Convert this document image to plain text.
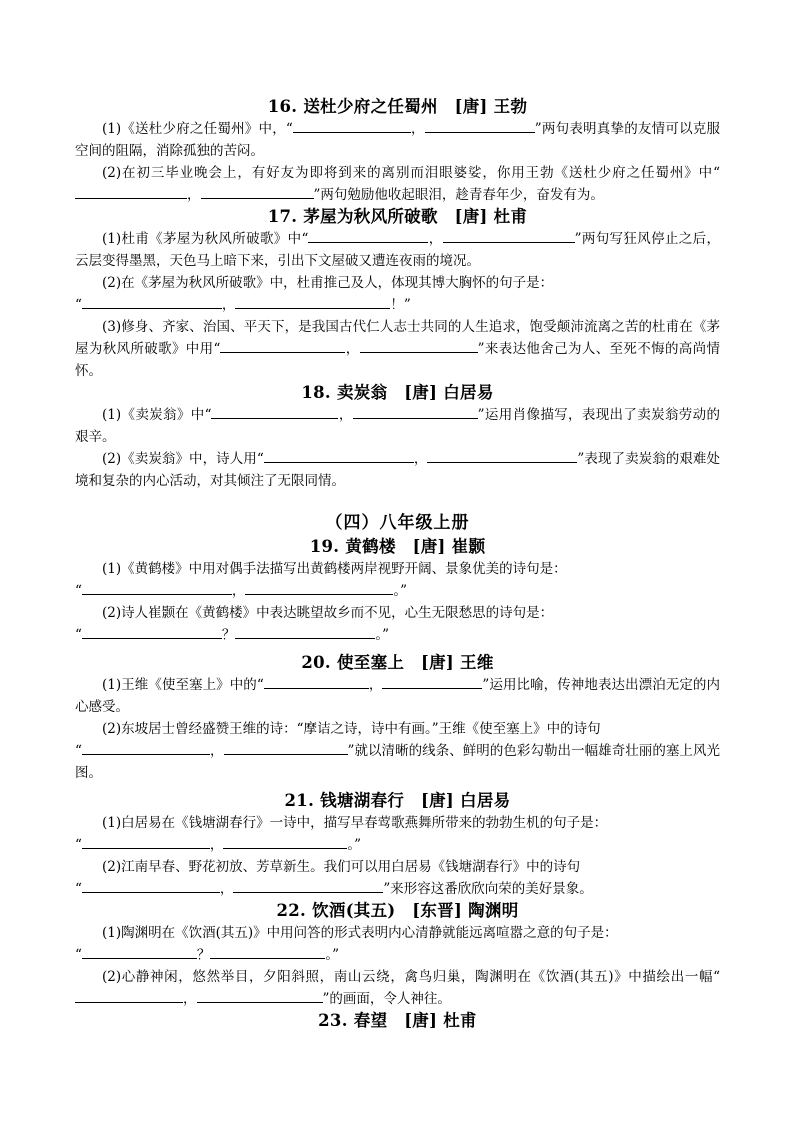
16. 送杜少府之任蜀州　[唐] 王勃

(1)《送杜少府之任蜀州》中，“	，	”两句表明真挚的友情可以克服空间的阻隔，消除孤独的苦闷。

(2)在初三毕业晚会上，有好友为即将到来的离别而泪眼婆娑，你用王勃《送杜少府之任蜀州》中“，	”两句勉励他收起眼泪，趁青春年少，奋发有为。

17. 茅屋为秋风所破歌　[唐] 杜甫

(1)杜甫《茅屋为秋风所破歌》中“	，	”两句写狂风停止之后，云层变得墨黑，天色马上暗下来，引出下文屋破又遭连夜雨的境况。

(2)在《茅屋为秋风所破歌》中，杜甫推己及人，体现其博大胸怀的句子是：

“	，	！”

(3)修身、齐家、治国、平天下，是我国古代仁人志士共同的人生追求，饱受颠沛流离之苦的杜甫在《茅屋为秋风所破歌》中用“	，	”来表达他舍己为人、至死不悔的高尚情怀。

18. 卖炭翁　[唐] 白居易

(1)《卖炭翁》中“	，	”运用肖像描写，表现出了卖炭翁劳动的艰辛。

(2)《卖炭翁》中，诗人用“	，	”表现了卖炭翁的艰难处境和复杂的内心活动，对其倾注了无限同情。

（四）八年级上册
19. 黄鹤楼　[唐] 崔颢

(1)《黄鹤楼》中用对偶手法描写出黄鹤楼两岸视野开阔、景象优美的诗句是：

“	，	。”

(2)诗人崔颢在《黄鹤楼》中表达眺望故乡而不见，心生无限愁思的诗句是：

“	？	。”

20. 使至塞上　[唐] 王维

(1)王维《使至塞上》中的“	，	”运用比喻，传神地表达出漂泊无定的内心感受。

(2)东坡居士曾经盛赞王维的诗：“摩诘之诗，诗中有画。”王维《使至塞上》中的诗句

“	，	”就以清晰的线条、鲜明的色彩勾勒出一幅雄奇壮丽的塞上风光图。

21. 钱塘湖春行　[唐] 白居易

(1)白居易在《钱塘湖春行》一诗中，描写早春莺歌燕舞所带来的勃勃生机的句子是：

“	，	。”

(2)江南早春、野花初放、芳草新生。我们可以用白居易《钱塘湖春行》中的诗句

“	，	”来形容这番欣欣向荣的美好景象。

22. 饮酒(其五)　[东晋] 陶渊明

(1)陶渊明在《饮酒(其五)》中用问答的形式表明内心清静就能远离喧嚣之意的句子是：

“	？	。”

(2)心静神闲，悠然举目，夕阳斜照，南山云绕，禽鸟归巢，陶渊明在《饮酒(其五)》中描绘出一幅“，	”的画面，令人神往。

23. 春望　[唐] 杜甫
